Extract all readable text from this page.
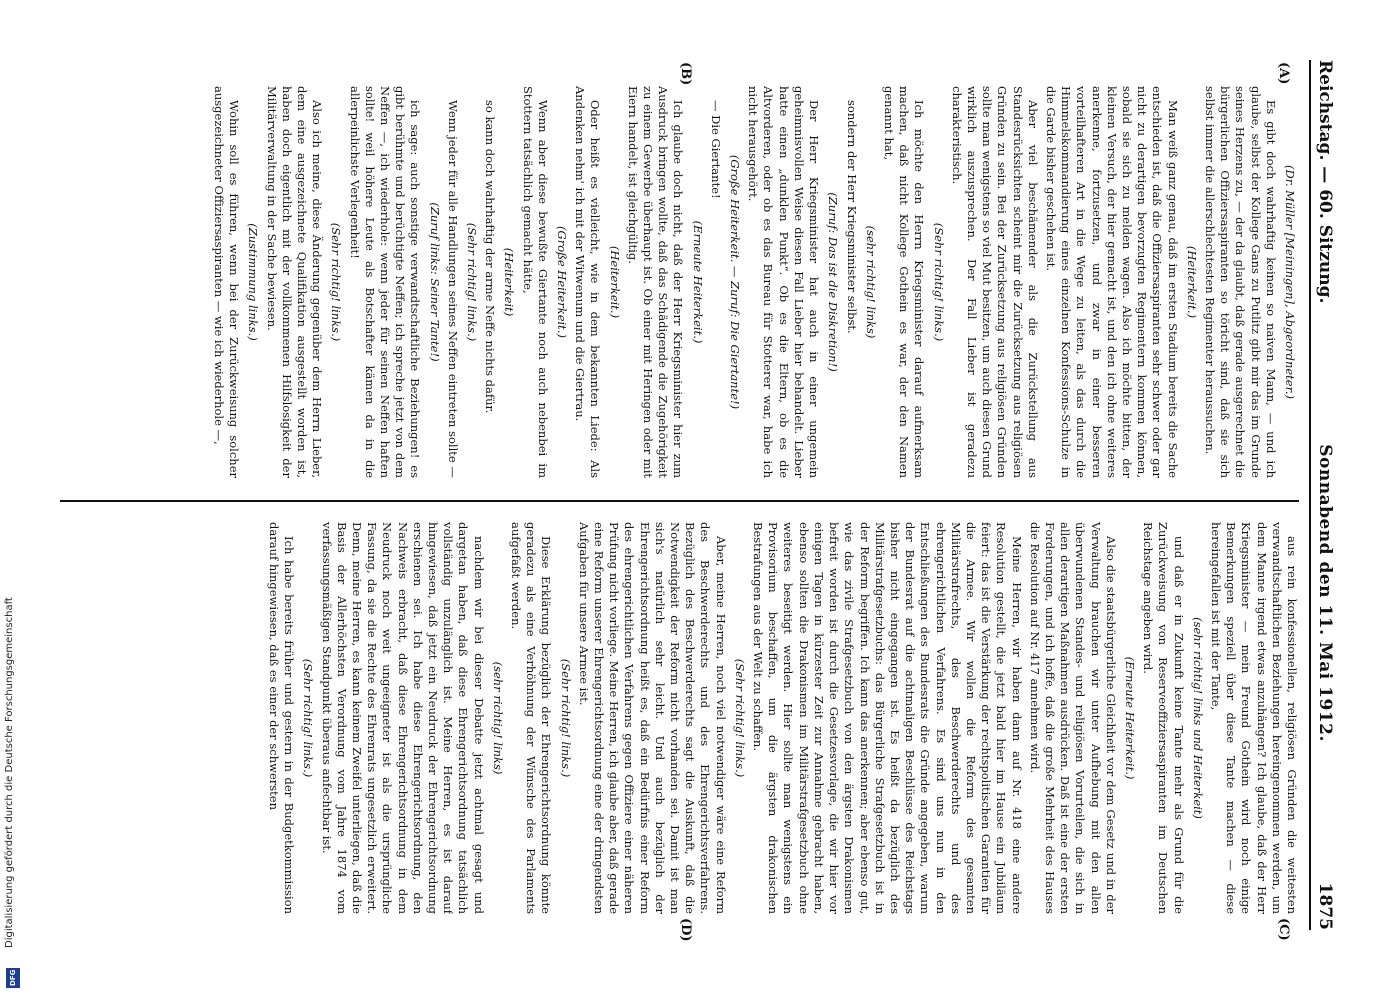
Reichstag. — 60. Sitzung.
Sonnabend den 11. Mai 1912.
1875
(A)
(B)
(C)
(D)

(Dr. Müller [Meiningen], Abgeordneter.)

Es gibt doch wahrhaftig keinen so naiven Mann, — und ich glaube, selbst der Kollege Gans zu Putlitz gibt mir das im Grunde seines Herzens zu, — der da glaubt, daß gerade ausgerechnet die bürgerlichen Offiziersaspiranten so töricht sind, daß sie sich selbst immer die allerschlechtesten Regimenter heraussuchen.

(Heiterkeit.)

Man weiß ganz genau, daß im ersten Stadium bereits die Sache entschieden ist, daß die Offiziersaspiranten sehr schwer oder gar nicht zu derartigen bevorzugten Regimentern kommen können, sobald sie sich zu melden wagen. Also ich möchte bitten, der kleinen Versuch, der hier gemacht ist, und den ich ohne weiteres anerkenne, fortzusetzen, und zwar in einer besseren vorteilhafteren Art in die Wege zu leiten, als das durch die Himmelskommandierung eines einzelnen Konfessions-Schulze in die Garde bisher geschehen ist.

Aber viel beschämender als die Zurückstellung aus Standesrücksichten scheint mir die Zurücksetzung aus religiösen Gründen zu sein. Bei der Zurücksetzung aus religiösen Gründen sollte man wenigstens so viel Mut besitzen, um auch diesen Grund wirklich auszusprechen. Der Fall Lieber ist geradezu charakteristisch.

(Sehr richtig! links.)

Ich möchte den Herrn Kriegsminister darauf aufmerksam machen, daß nicht Kollege Gothein es war, der den Namen genannt hat,

(sehr richtig! links)

sondern der Herr Kriegsminister selbst.

(Zuruf: Das ist die Diskretion!)

Der Herr Kriegsminister hat auch in einer ungemein geheimnisvollen Weise diesen Fall Lieber hier behandelt. Lieber hatte einen „dunklen Punkt“. Ob es die Eltern, ob es die Altvorderen, oder ob es das Bureau für Stotterer war, habe ich nicht herausgehört.

(Große Heiterkeit. — Zuruf: Die Giertante!)

— Die Giertante!

(Erneute Heiterkeit.)

Ich glaube doch nicht, daß der Herr Kriegsminister hier zum Ausdruck bringen wollte, daß das Schädigende die Zugehörigkeit zu einem Gewerbe überhaupt ist. Ob einer mit Heringen oder mit Eiern handelt, ist gleichgültig.

(Heiterkeit.)

Oder heißt es vielleicht, wie in dem bekannten Liede: Als Andenken nehm' ich mit der Witwenum und die Giertrau.

(Große Heiterkeit.)

Wenn aber diese bewußte Giertante noch auch nebenbei im Stottern tatsächlich gemacht hätte,

(Heiterkeit)

so kann doch wahrhaftig der arme Neffe nichts dafür.

(Sehr richtig! links.)

Wenn jeder für alle Handlungen seines Neffen eintreten sollte —

(Zuruf links: Seiner Tante!)

ich sage: auch sonstige verwandtschaftliche Beziehungen! es gibt berühmte und berüchtigte Neffen; ich spreche jetzt von dem Neffen —, ich wiederhole: wenn jeder für seinen Neffen haften sollte! weil höhere Leute als Botschafter kämen da in die allerpeinlichste Verlegenheit!

(Sehr richtig! links.)

Also ich meine, diese Änderung gegenüber dem Herrn Lieber, dem eine ausgezeichnete Qualifikation ausgestellt worden ist, haben doch eigentlich mit der vollkommenen Hilfslosigkeit der Militärverwaltung in der Sache bewiesen.

(Zustimmung links.)

Wohin soll es führen, wenn bei der Zurückweisung solcher ausgezeichneter Offiziersaspiranten — wie ich wiederhole —,

aus rein konfessionellen, religiösen Gründen die weitesten verwandtschaftlichen Beziehungen hereingenommen werden, um dem Manne irgend etwas anzuhängen? Ich glaube, daß der Herr Kriegsminister — mein Freund Gothein wird noch einige Bemerkungen speziell über diese Tante machen — diese hereingefallen ist mit der Tante,

(sehr richtig! links und Heiterkeit)

und daß er in Zukunft keine Tante mehr als Grund für die Zurückweisung von Reserveoffiziersaspiranten im Deutschen Reichstage angeben wird.

(Erneute Heiterkeit.)

Also die staatsbürgerliche Gleichheit vor dem Gesetz und in der Verwaltung brauchen wir unter Aufhebung mit den allen überwundenen Standes- und religiösen Vorurteilen, die sich in allen derartigen Maßnahmen ausdrücken. Daß ist eine der ersten Forderungen, und ich hoffe, daß die große Mehrheit des Hauses die Resolution auf Nr. 417 annehmen wird.

Meine Herren, wir haben dann auf Nr. 418 eine andere Resolution gestellt, die jetzt bald hier im Hause ein Jubiläum feiert: das ist die Verstärkung der rechtspolitischen Garantien für die Armee. Wir wollen die Reform des gesamten Militärstrafrechts, des Beschwerderechts und des ehrengerichtlichen Verfahrens. Es sind uns nun in den Entschließungen des Bundesrats die Gründe angegeben, warum der Bundesrat auf die achtmaligen Beschlüsse des Reichstags bisher nicht eingegangen ist. Es heißt da bezüglich des Militärstrafgesetzbuchs: das Bürgerliche Strafgesetzbuch ist in der Reform begriffen. Ich kann das anerkennen; aber ebenso gut, wie das zivile Strafgesetzbuch von den ärgsten Drakonismen befreit worden ist durch die Gesetzesvorlage, die wir hier vor einigen Tagen in kürzester Zeit zur Annahme gebracht haben, ebenso sollten die Drakonismen im Militärstrafgesetzbuch ohne weiteres beseitigt werden. Hier sollte man wenigstens ein Provisorium beschaffen, um die ärgsten drakonischen Bestrafungen aus der Welt zu schaffen.

(Sehr richtig! links.)

Aber, meine Herren, noch viel notwendiger wäre eine Reform des Beschwerderechts und des Ehrengerichtsverfahrens. Bezüglich des Beschwerderechts sagt die Auskunft, daß die Notwendigkeit der Reform nicht vorhanden sei. Damit ist man sich's natürlich sehr leicht. Und auch bezüglich der Ehrengerichtsordnung heißt es, daß ein Bedürfnis einer Reform des ehrengerichtlichen Verfahrens gegen Offiziere einer näheren Prüfung nicht vorliege. Meine Herren, ich glaube aber, daß gerade eine Reform unserer Ehrengerichtsordnung eine der dringendsten Aufgaben für unsere Armee ist.

(Sehr richtig! links.)

Diese Erklärung bezüglich der Ehrengerichtsordnung könnte geradezu als eine Verhöhnung der Wünsche des Parlaments aufgefaßt werden.

(sehr richtig! links)

nachdem wir bei dieser Debatte jetzt achtmal gesagt und dargetan haben, daß diese Ehrengerichtsordnung tatsächlich vollständig unzulänglich ist. Meine Herren, es ist darauf hingewiesen, daß jetzt ein Neudruck der Ehrengerichtsordnung erschienen sei. Ich habe diese Ehrengerichtsordnung, den Nachweis erbracht, daß diese Ehrengerichtsordnung in dem Neudruck noch weit ungeeigneter ist als die ursprüngliche Fassung, da sie die Rechte des Ehrenrats ungesetzlich erweitert. Denn, meine Herren, es kann keinem Zweifel unterliegen, daß die Basis der Allerhöchsten Verordnung vom Jahre 1874 vom verfassungsmäßigen Standpunkt überaus anfechtbar ist.

(Sehr richtig! links.)

Ich habe bereits früher und gestern in der Budgetkommission darauf hingewiesen, daß es einer der schwersten

Digitalisierung gefördert durch die Deutsche Forschungsgemeinschaft
DFG
